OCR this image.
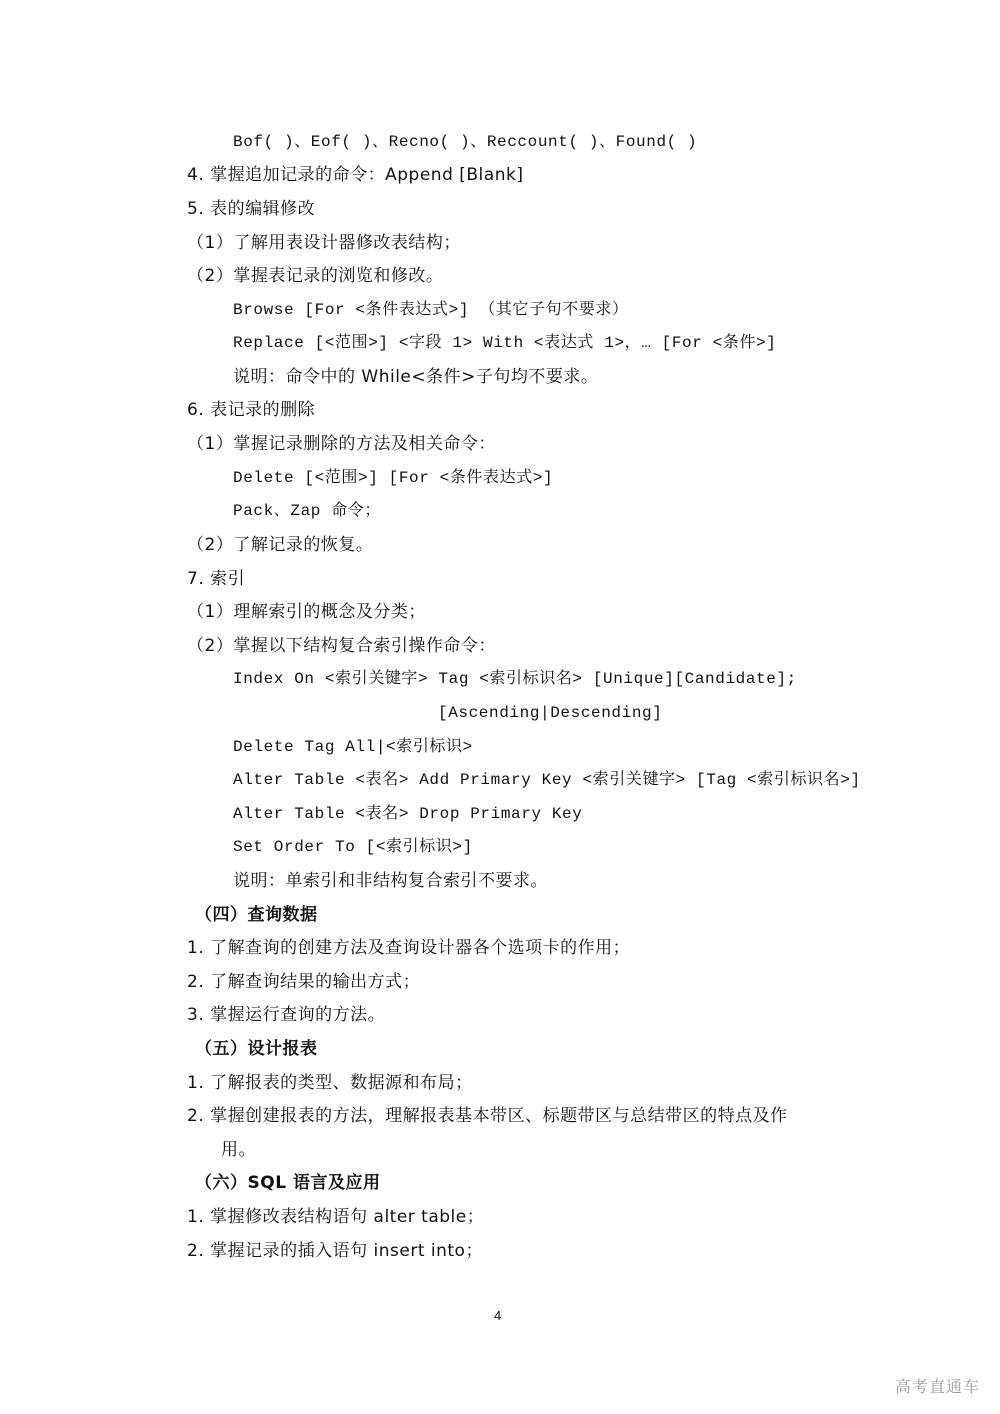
Bof( )、Eof( )、Recno( )、Reccount( )、Found( )
4. 掌握追加记录的命令：Append [Blank]
5. 表的编辑修改
（1）了解用表设计器修改表结构；
（2）掌握表记录的浏览和修改。
Browse [For <条件表达式>] （其它子句不要求）
Replace [<范围>] <字段 1> With <表达式 1>，… [For <条件>]
说明：命令中的 While<条件>子句均不要求。
6. 表记录的删除
（1）掌握记录删除的方法及相关命令：
Delete [<范围>] [For <条件表达式>]
Pack、Zap 命令；
（2）了解记录的恢复。
7. 索引
（1）理解索引的概念及分类；
（2）掌握以下结构复合索引操作命令：
Index On <索引关键字> Tag <索引标识名> [Unique][Candidate];
[Ascending|Descending]
Delete Tag All|<索引标识>
Alter Table <表名> Add Primary Key <索引关键字> [Tag <索引标识名>]
Alter Table <表名> Drop Primary Key
Set Order To [<索引标识>]
说明：单索引和非结构复合索引不要求。
（四）查询数据
1. 了解查询的创建方法及查询设计器各个选项卡的作用；
2. 了解查询结果的输出方式；
3. 掌握运行查询的方法。
（五）设计报表
1. 了解报表的类型、数据源和布局；
2. 掌握创建报表的方法，理解报表基本带区、标题带区与总结带区的特点及作
用。
（六）SQL 语言及应用
1. 掌握修改表结构语句 alter table；
2. 掌握记录的插入语句 insert into；
4
高考直通车
